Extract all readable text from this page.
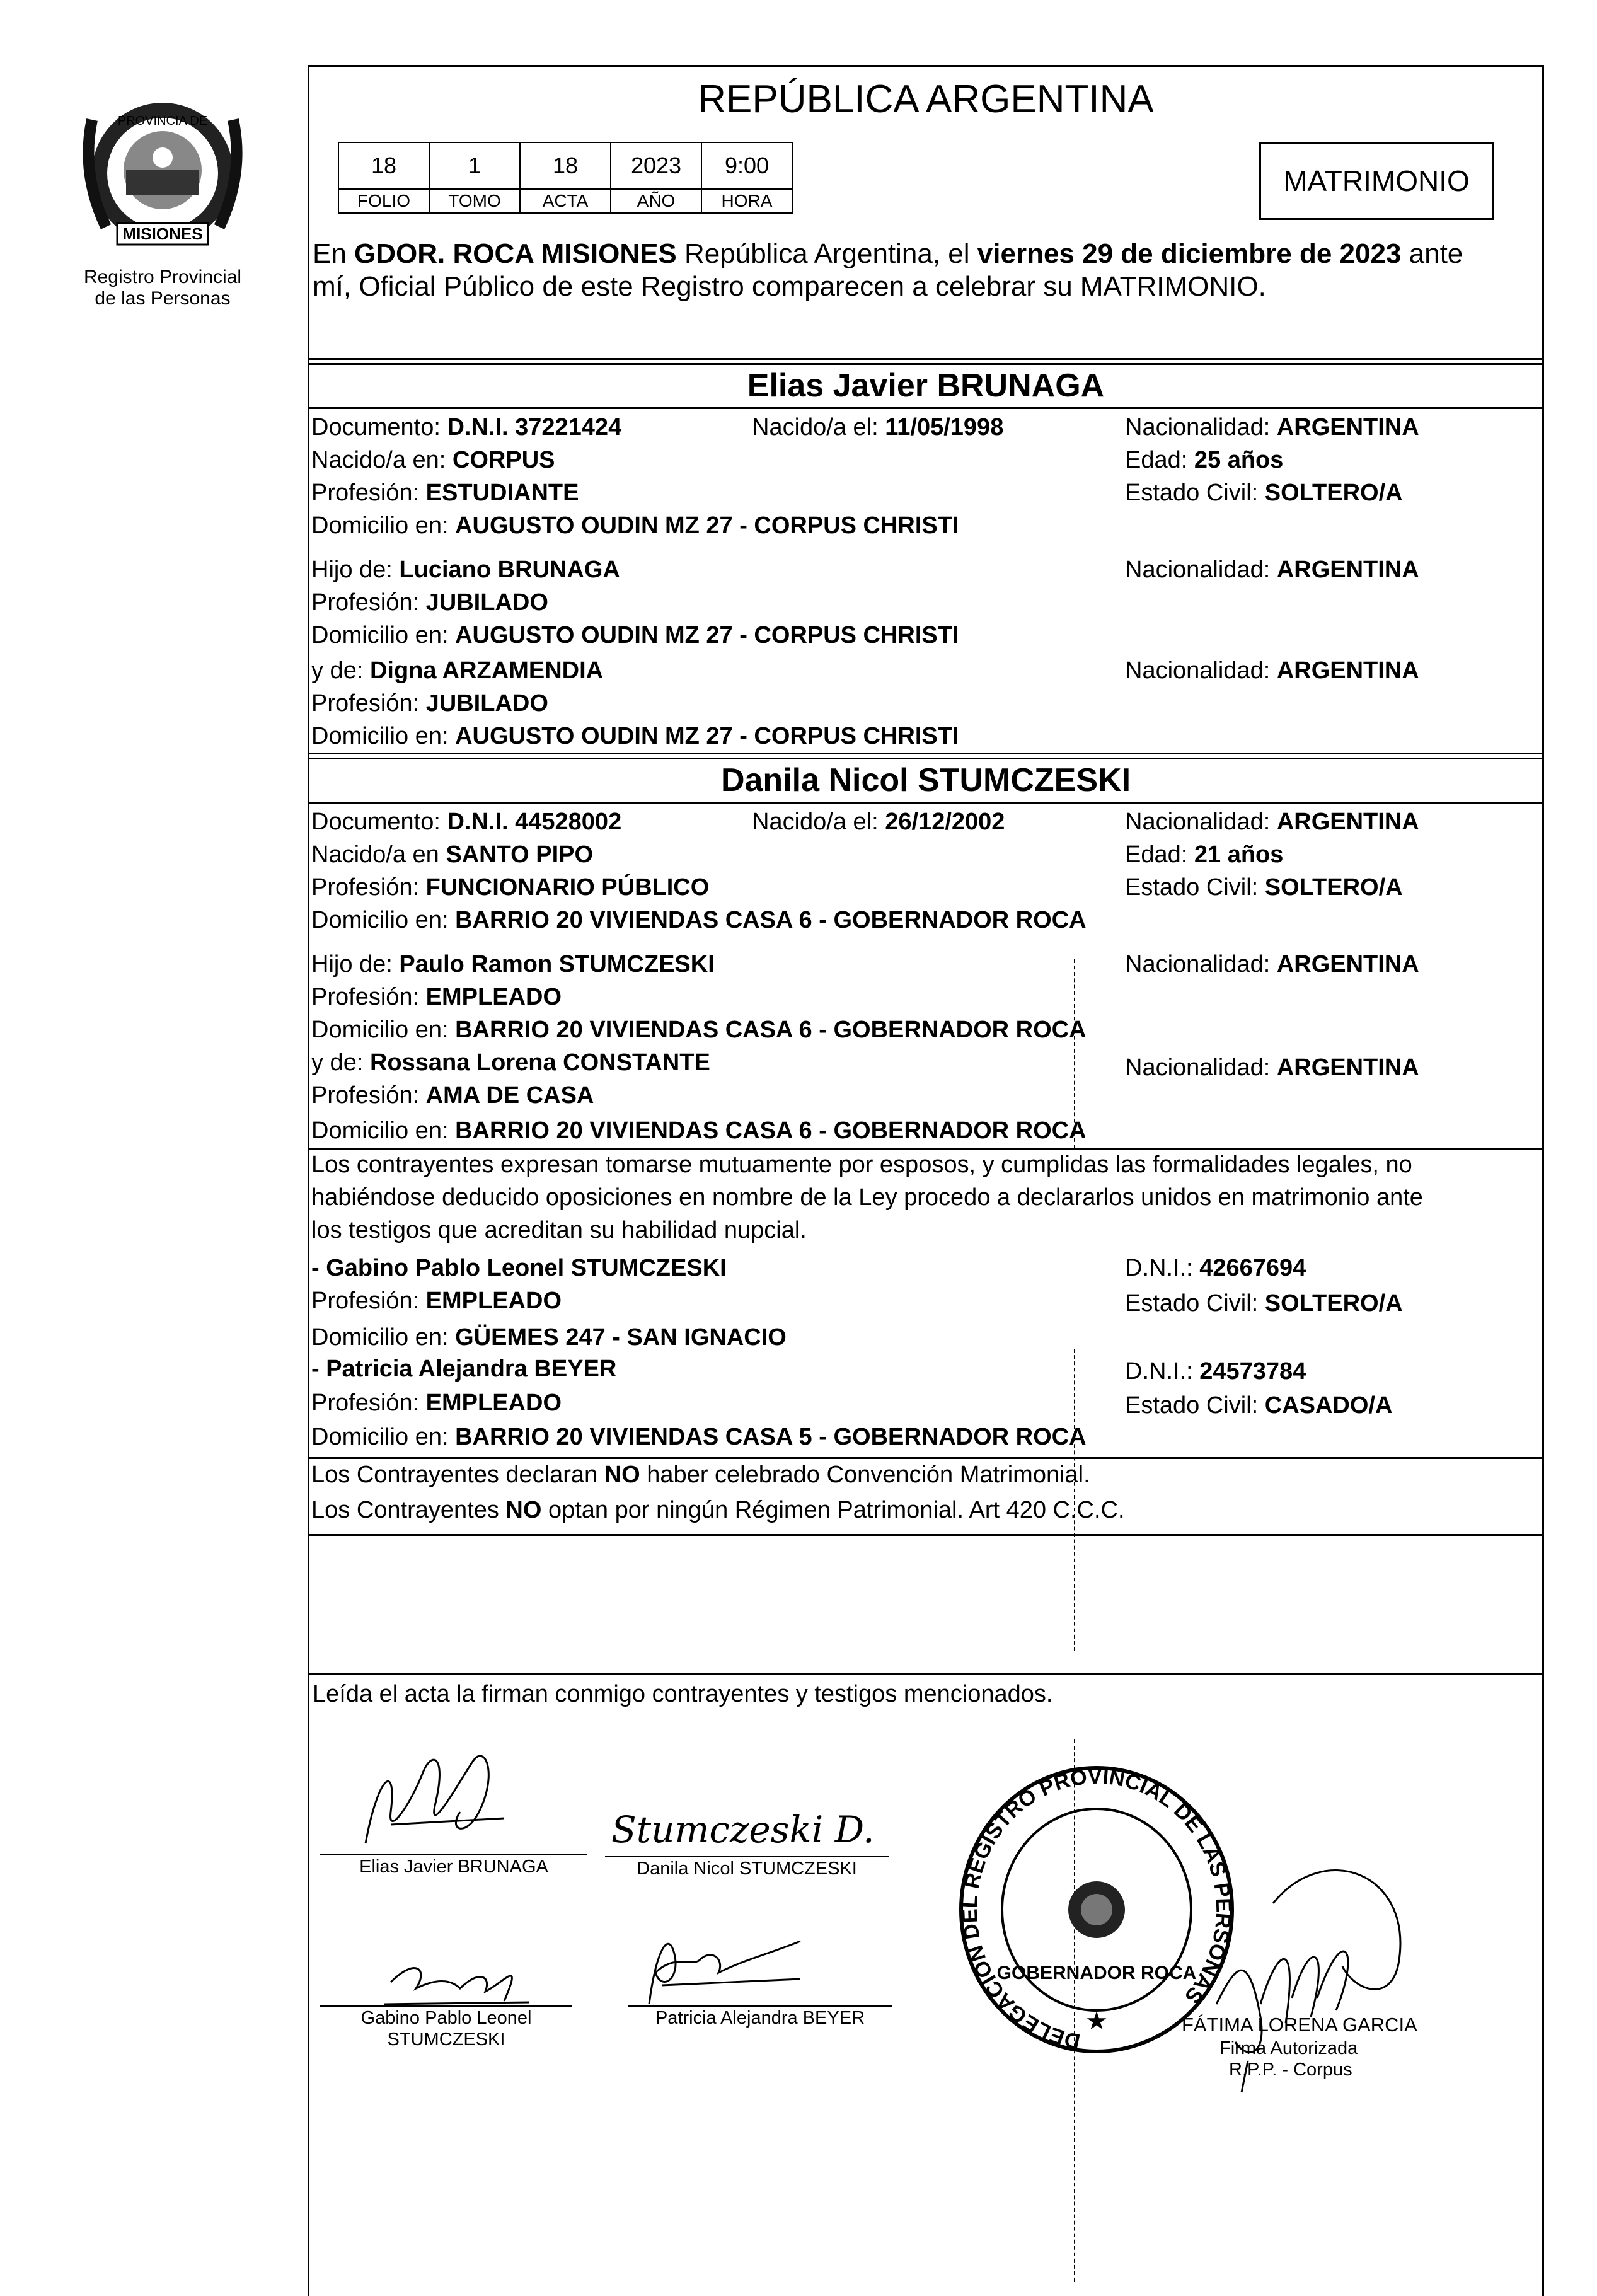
PROVINCIA DE
MISIONES
Registro Provincial
de las Personas
REPÚBLICA ARGENTINA
18	1	18	2023	9:00
FOLIO	TOMO	ACTA	AÑO	HORA
MATRIMONIO
En GDOR. ROCA MISIONES República Argentina, el viernes 29 de diciembre de 2023 ante
mí, Oficial Público de este Registro comparecen a celebrar su MATRIMONIO.
Elias Javier BRUNAGA
Documento: D.N.I. 37221424	Nacido/a el: 11/05/1998	Nacionalidad: ARGENTINA
Nacido/a en: CORPUS	Edad: 25 años
Profesión: ESTUDIANTE	Estado Civil: SOLTERO/A
Domicilio en: AUGUSTO OUDIN MZ 27 - CORPUS CHRISTI
Hijo de: Luciano BRUNAGA	Nacionalidad: ARGENTINA
Profesión: JUBILADO
Domicilio en: AUGUSTO OUDIN MZ 27 - CORPUS CHRISTI
y de: Digna ARZAMENDIA	Nacionalidad: ARGENTINA
Profesión: JUBILADO
Domicilio en: AUGUSTO OUDIN MZ 27 - CORPUS CHRISTI
Danila Nicol STUMCZESKI
Documento: D.N.I. 44528002	Nacido/a el: 26/12/2002	Nacionalidad: ARGENTINA
Nacido/a en SANTO PIPO	Edad: 21 años
Profesión: FUNCIONARIO PÚBLICO	Estado Civil: SOLTERO/A
Domicilio en: BARRIO 20 VIVIENDAS CASA 6 - GOBERNADOR ROCA
Hijo de: Paulo Ramon STUMCZESKI	Nacionalidad: ARGENTINA
Profesión: EMPLEADO
Domicilio en: BARRIO 20 VIVIENDAS CASA 6 - GOBERNADOR ROCA
y de: Rossana Lorena CONSTANTE	Nacionalidad: ARGENTINA
Profesión: AMA DE CASA
Domicilio en: BARRIO 20 VIVIENDAS CASA 6 - GOBERNADOR ROCA
Los contrayentes expresan tomarse mutuamente por esposos, y cumplidas las formalidades legales, no
habiéndose deducido oposiciones en nombre de la Ley procedo a declararlos unidos en matrimonio ante
los testigos que acreditan su habilidad nupcial.
- Gabino Pablo Leonel STUMCZESKI	D.N.I.: 42667694
Profesión: EMPLEADO	Estado Civil: SOLTERO/A
Domicilio en: GÜEMES 247 - SAN IGNACIO
- Patricia Alejandra BEYER	D.N.I.: 24573784
Profesión: EMPLEADO	Estado Civil: CASADO/A
Domicilio en: BARRIO 20 VIVIENDAS CASA 5 - GOBERNADOR ROCA
Los Contrayentes declaran NO haber celebrado Convención Matrimonial.
Los Contrayentes NO optan por ningún Régimen Patrimonial. Art 420 C.C.C.
Leída el acta la firman conmigo contrayentes y testigos mencionados.
Elias Javier BRUNAGA
Stumczeski D.
Danila Nicol STUMCZESKI
Gabino Pablo Leonel
STUMCZESKI
Patricia Alejandra BEYER
DELEGACION DEL REGISTRO PROVINCIAL DE LAS PERSONAS
GOBERNADOR ROCA
★	FÁTIMA LORENA GARCIA
Firma Autorizada
R.P.P. - Corpus
